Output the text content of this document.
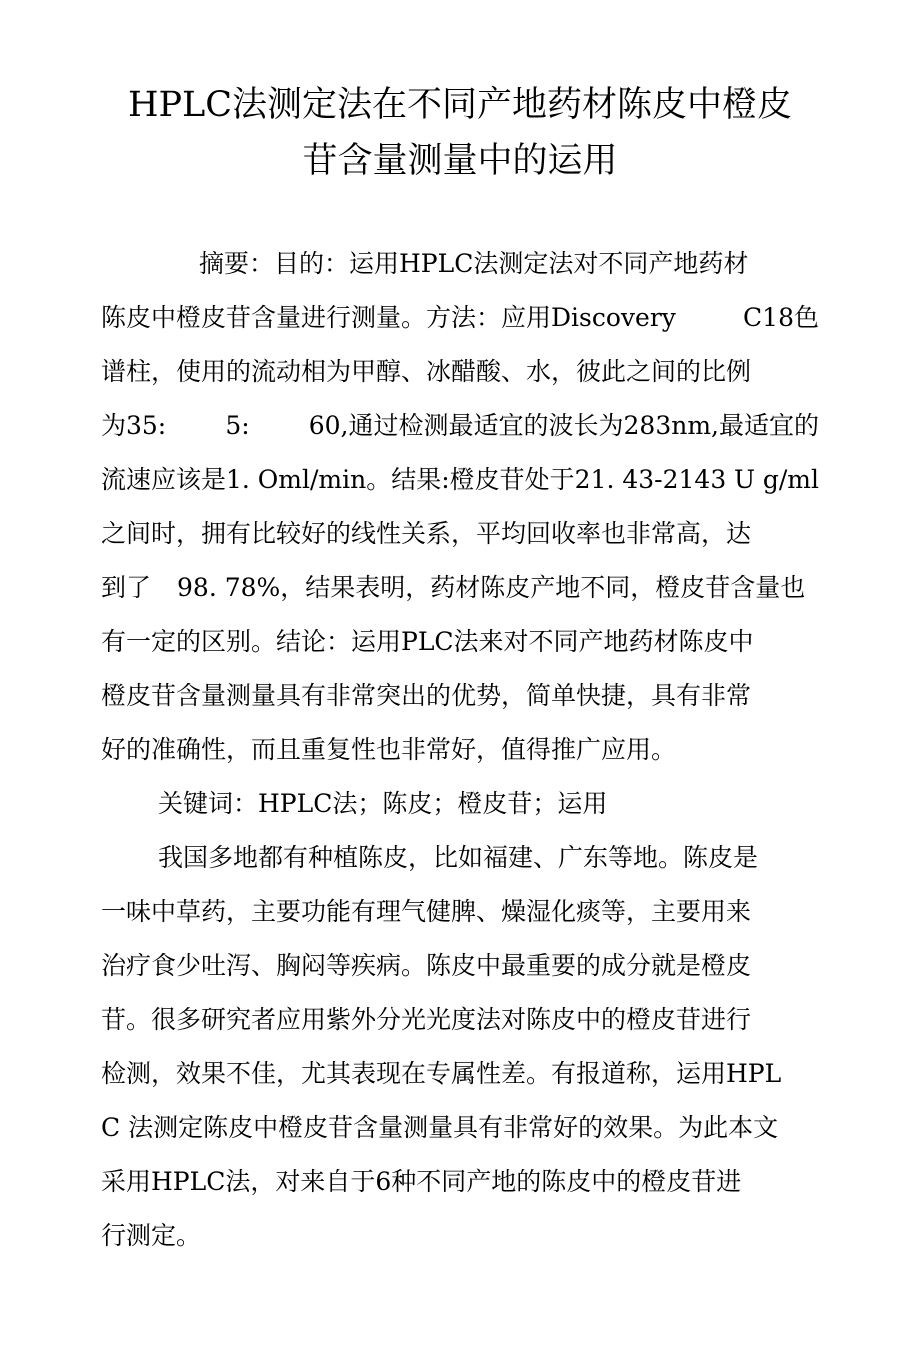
HPLC法测定法在不同产地药材陈皮中橙皮
苷含量测量中的运用
摘要：目的：运用HPLC法测定法对不同产地药材
陈皮中橙皮苷含量进行测量。方法：应用Discovery	C18色
谱柱，使用的流动相为甲醇、冰醋酸、水，彼此之间的比例
为35: 5: 60,通过检测最适宜的波长为283nm,最适宜的
流速应该是1. Oml/min。结果:橙皮苷处于21. 43-2143 U g/ml
之间时，拥有比较好的线性关系，平均回收率也非常高，达
到了 98. 78%，结果表明，药材陈皮产地不同，橙皮苷含量也
有一定的区别。结论：运用PLC法来对不同产地药材陈皮中
橙皮苷含量测量具有非常突出的优势，简单快捷，具有非常
好的准确性，而且重复性也非常好，值得推广应用。
关键词：HPLC法；陈皮；橙皮苷；运用
我国多地都有种植陈皮，比如福建、广东等地。陈皮是
一味中草药，主要功能有理气健脾、燥湿化痰等，主要用来
治疗食少吐泻、胸闷等疾病。陈皮中最重要的成分就是橙皮
苷。很多研究者应用紫外分光光度法对陈皮中的橙皮苷进行
检测，效果不佳，尤其表现在专属性差。有报道称，运用HPL
C 法测定陈皮中橙皮苷含量测量具有非常好的效果。为此本文
采用HPLC法，对来自于6种不同产地的陈皮中的橙皮苷进
行测定。
